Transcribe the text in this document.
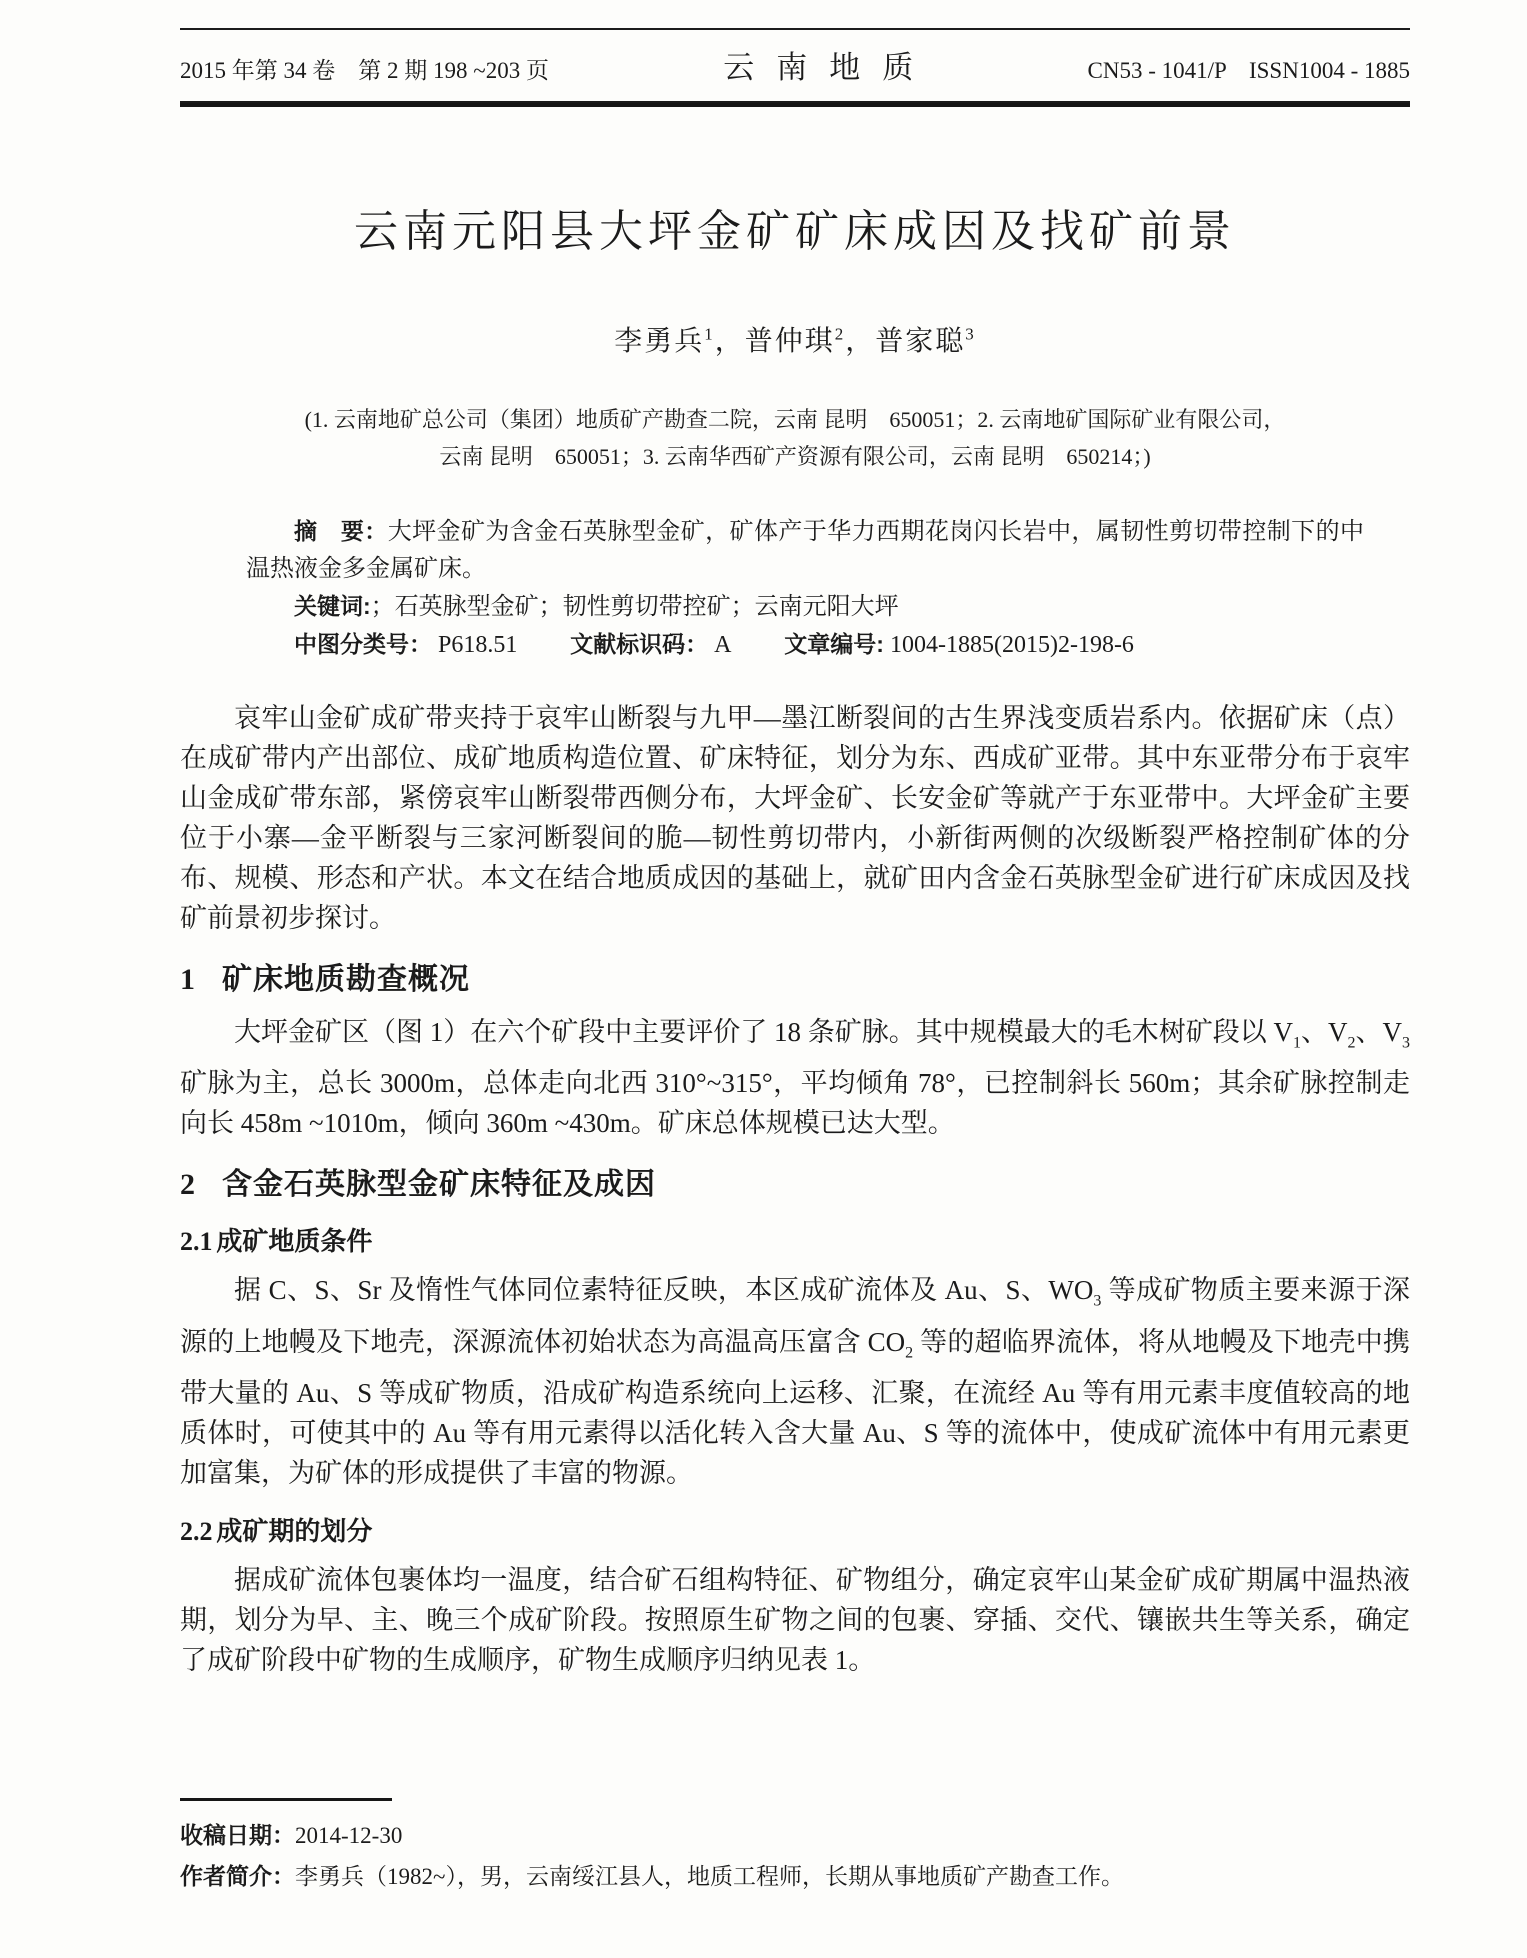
2015 年第 34 卷　第 2 期 198 ~203 页	云南地质	CN53 - 1041/P　ISSN1004 - 1885
云南元阳县大坪金矿矿床成因及找矿前景
李勇兵$^1$，普仲琪$^2$，普家聪$^3$
(1. 云南地矿总公司（集团）地质矿产勘查二院，云南 昆明　650051；2. 云南地矿国际矿业有限公司，
云南 昆明　650051；3. 云南华西矿产资源有限公司，云南 昆明　650214；)

摘　要：大坪金矿为含金石英脉型金矿，矿体产于华力西期花岗闪长岩中，属韧性剪切带控制下的中温热液金多金属矿床。

关键词:；石英脉型金矿；韧性剪切带控矿；云南元阳大坪

中图分类号： P618.51 文献标识码： A 文章编号: 1004-1885(2015)2-198-6

哀牢山金矿成矿带夹持于哀牢山断裂与九甲—墨江断裂间的古生界浅变质岩系内。依据矿床（点）在成矿带内产出部位、成矿地质构造位置、矿床特征，划分为东、西成矿亚带。其中东亚带分布于哀牢山金成矿带东部，紧傍哀牢山断裂带西侧分布，大坪金矿、长安金矿等就产于东亚带中。大坪金矿主要位于小寨—金平断裂与三家河断裂间的脆—韧性剪切带内，小新街两侧的次级断裂严格控制矿体的分布、规模、形态和产状。本文在结合地质成因的基础上，就矿田内含金石英脉型金矿进行矿床成因及找矿前景初步探讨。

1 矿床地质勘查概况

大坪金矿区（图 1）在六个矿段中主要评价了 18 条矿脉。其中规模最大的毛木树矿段以 $V_1$、$V_2$、$V_3$矿脉为主，总长 3000m，总体走向北西 310°~315°，平均倾角 78°，已控制斜长 560m；其余矿脉控制走向长 458m ~1010m，倾向 360m ~430m。矿床总体规模已达大型。

2 含金石英脉型金矿床特征及成因
2.1 成矿地质条件

据 C、S、Sr 及惰性气体同位素特征反映，本区成矿流体及 Au、S、$WO_3$ 等成矿物质主要来源于深源的上地幔及下地壳，深源流体初始状态为高温高压富含 $CO_2$ 等的超临界流体，将从地幔及下地壳中携带大量的 Au、S 等成矿物质，沿成矿构造系统向上运移、汇聚，在流经 Au 等有用元素丰度值较高的地质体时，可使其中的 Au 等有用元素得以活化转入含大量 Au、S 等的流体中，使成矿流体中有用元素更加富集，为矿体的形成提供了丰富的物源。

2.2 成矿期的划分

据成矿流体包裹体均一温度，结合矿石组构特征、矿物组分，确定哀牢山某金矿成矿期属中温热液期，划分为早、主、晚三个成矿阶段。按照原生矿物之间的包裹、穿插、交代、镶嵌共生等关系，确定了成矿阶段中矿物的生成顺序，矿物生成顺序归纳见表 1。

收稿日期：2014-12-30
作者简介：李勇兵（1982~），男，云南绥江县人，地质工程师，长期从事地质矿产勘查工作。
